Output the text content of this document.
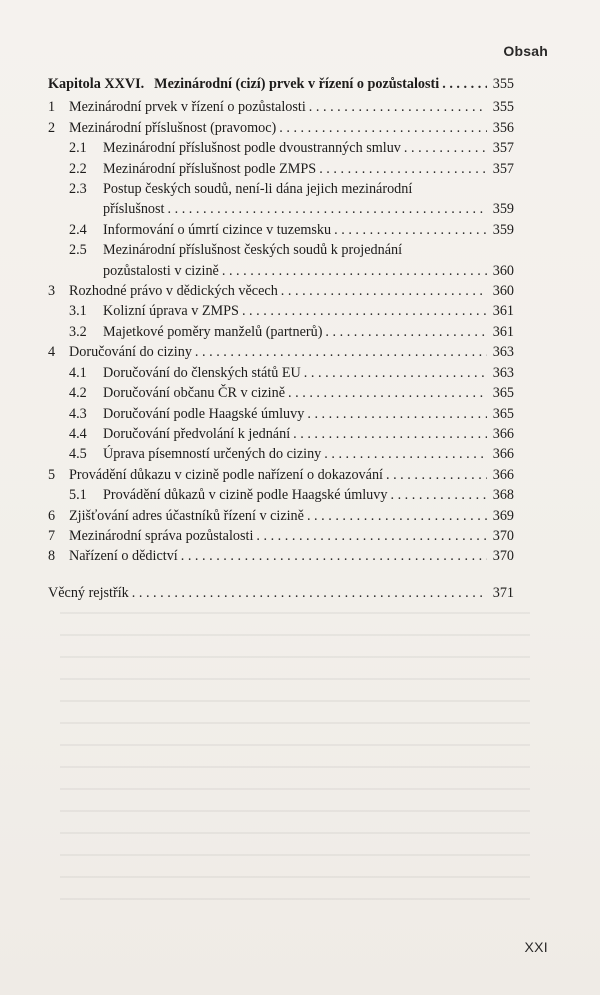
Obsah
Kapitola XXVI. Mezinárodní (cizí) prvek v řízení o pozůstalosti . . .	355
1 Mezinárodní prvek v řízení o pozůstalosti . . .	355
2 Mezinárodní příslušnost (pravomoc) . . .	356
2.1	Mezinárodní příslušnost podle dvoustranných smluv . . .	357
2.2	Mezinárodní příslušnost podle ZMPS . . .	357
2.3	Postup českých soudů, není-li dána jejich mezinárodní
příslušnost . . .	359
2.4	Informování o úmrtí cizince v tuzemsku . . .	359
2.5	Mezinárodní příslušnost českých soudů k projednání
pozůstalosti v cizině . . .	360
3 Rozhodné právo v dědických věcech . . .	360
3.1	Kolizní úprava v ZMPS . . .	361
3.2	Majetkové poměry manželů (partnerů) . . .	361
4 Doručování do ciziny . . .	363
4.1	Doručování do členských států EU . . .	363
4.2	Doručování občanu ČR v cizině . . .	365
4.3	Doručování podle Haagské úmluvy . . .	365
4.4	Doručování předvolání k jednání . . .	366
4.5	Úprava písemností určených do ciziny . . .	366
5 Provádění důkazu v cizině podle nařízení o dokazování . . .	366
5.1	Provádění důkazů v cizině podle Haagské úmluvy . . .	368
6 Zjišťování adres účastníků řízení v cizině . . .	369
7 Mezinárodní správa pozůstalosti . . .	370
8 Nařízení o dědictví . . .	370
Věcný rejstřík . . .	371
XXI
